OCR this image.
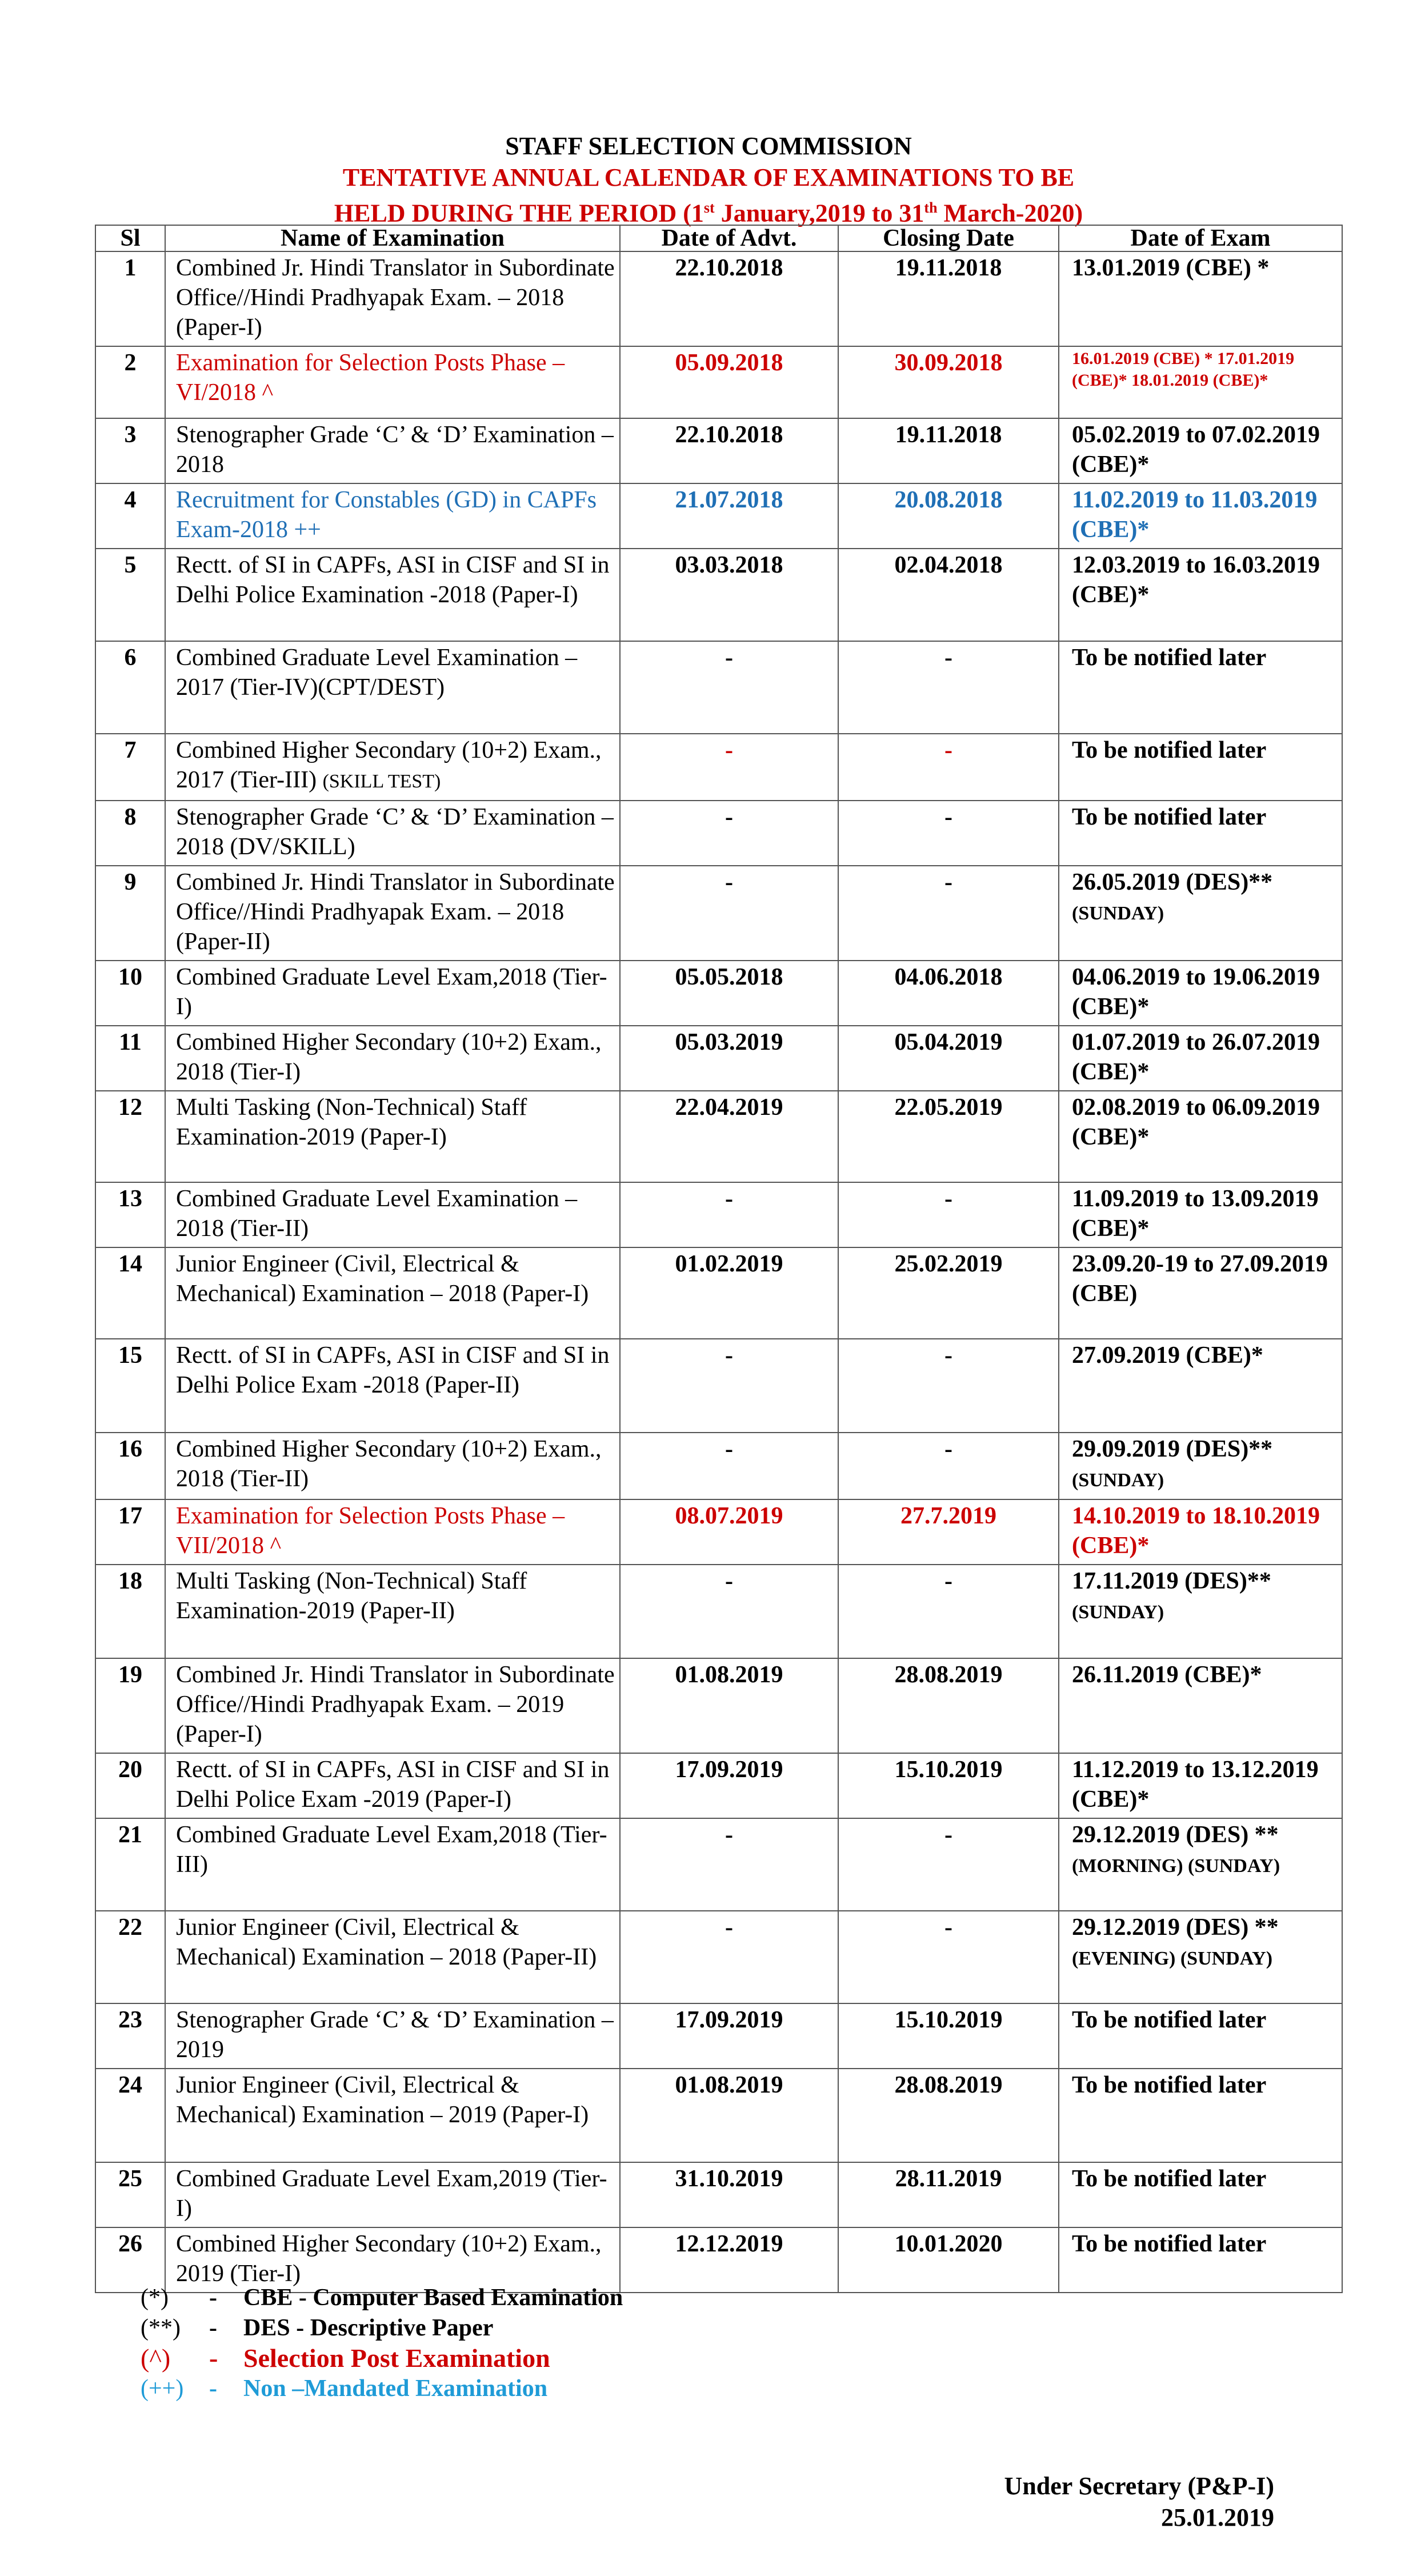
STAFF SELECTION COMMISSION
TENTATIVE ANNUAL CALENDAR OF EXAMINATIONS TO BE
HELD DURING THE PERIOD (1st January,2019 to 31th March-2020)
Sl	Name of Examination	Date of Advt.	Closing Date	Date of Exam
1	Combined Jr. Hindi Translator in Subordinate Office//Hindi Pradhyapak Exam. – 2018 (Paper-I)	22.10.2018	19.11.2018	13.01.2019 (CBE) *
2	Examination for Selection Posts Phase – VI/2018 ^	05.09.2018	30.09.2018	16.01.2019 (CBE) * 17.01.2019 (CBE)* 18.01.2019 (CBE)*
3	Stenographer Grade ‘C’ & ‘D’ Examination – 2018	22.10.2018	19.11.2018	05.02.2019 to 07.02.2019 (CBE)*
4	Recruitment for Constables (GD) in CAPFs Exam-2018 ++	21.07.2018	20.08.2018	11.02.2019 to 11.03.2019 (CBE)*
5	Rectt. of SI in CAPFs, ASI in CISF and SI in Delhi Police Examination -2018 (Paper-I)	03.03.2018	02.04.2018	12.03.2019 to 16.03.2019 (CBE)*
6	Combined Graduate Level Examination – 2017 (Tier-IV)(CPT/DEST)	-	-	To be notified later
7	Combined Higher Secondary (10+2) Exam., 2017 (Tier-III) (SKILL TEST)	-	-	To be notified later
8	Stenographer Grade ‘C’ & ‘D’ Examination – 2018 (DV/SKILL)	-	-	To be notified later
9	Combined Jr. Hindi Translator in Subordinate Office//Hindi Pradhyapak Exam. – 2018 (Paper-II)	-	-	26.05.2019 (DES)**
(SUNDAY)
10	Combined Graduate Level Exam,2018 (Tier-I)	05.05.2018	04.06.2018	04.06.2019 to 19.06.2019 (CBE)*
11	Combined Higher Secondary (10+2) Exam., 2018 (Tier-I)	05.03.2019	05.04.2019	01.07.2019 to 26.07.2019 (CBE)*
12	Multi Tasking (Non-Technical) Staff Examination-2019 (Paper-I)	22.04.2019	22.05.2019	02.08.2019 to 06.09.2019 (CBE)*
13	Combined Graduate Level Examination – 2018 (Tier-II)	-	-	11.09.2019 to 13.09.2019 (CBE)*
14	Junior Engineer (Civil, Electrical & Mechanical) Examination – 2018 (Paper-I)	01.02.2019	25.02.2019	23.09.20-19 to 27.09.2019 (CBE)
15	Rectt. of SI in CAPFs, ASI in CISF and SI in Delhi Police Exam -2018 (Paper-II)	-	-	27.09.2019 (CBE)*
16	Combined Higher Secondary (10+2) Exam., 2018 (Tier-II)	-	-	29.09.2019 (DES)**
(SUNDAY)
17	Examination for Selection Posts Phase – VII/2018 ^	08.07.2019	27.7.2019	14.10.2019 to 18.10.2019 (CBE)*
18	Multi Tasking (Non-Technical) Staff Examination-2019 (Paper-II)	-	-	17.11.2019 (DES)**
(SUNDAY)
19	Combined Jr. Hindi Translator in Subordinate Office//Hindi Pradhyapak Exam. – 2019 (Paper-I)	01.08.2019	28.08.2019	26.11.2019 (CBE)*
20	Rectt. of SI in CAPFs, ASI in CISF and SI in Delhi Police Exam -2019 (Paper-I)	17.09.2019	15.10.2019	11.12.2019 to 13.12.2019 (CBE)*
21	Combined Graduate Level Exam,2018 (Tier-III)	-	-	29.12.2019 (DES) **
(MORNING) (SUNDAY)
22	Junior Engineer (Civil, Electrical & Mechanical) Examination – 2018 (Paper-II)	-	-	29.12.2019 (DES) **
(EVENING) (SUNDAY)
23	Stenographer Grade ‘C’ & ‘D’ Examination – 2019	17.09.2019	15.10.2019	To be notified later
24	Junior Engineer (Civil, Electrical & Mechanical) Examination – 2019 (Paper-I)	01.08.2019	28.08.2019	To be notified later
25	Combined Graduate Level Exam,2019 (Tier-I)	31.10.2019	28.11.2019	To be notified later
26	Combined Higher Secondary (10+2) Exam., 2019 (Tier-I)	12.12.2019	10.01.2020	To be notified later
(*) - CBE - Computer Based Examination
(**) - DES - Descriptive Paper
(^) - Selection Post Examination
(++) - Non –Mandated Examination
Under Secretary (P&P-I)
25.01.2019
